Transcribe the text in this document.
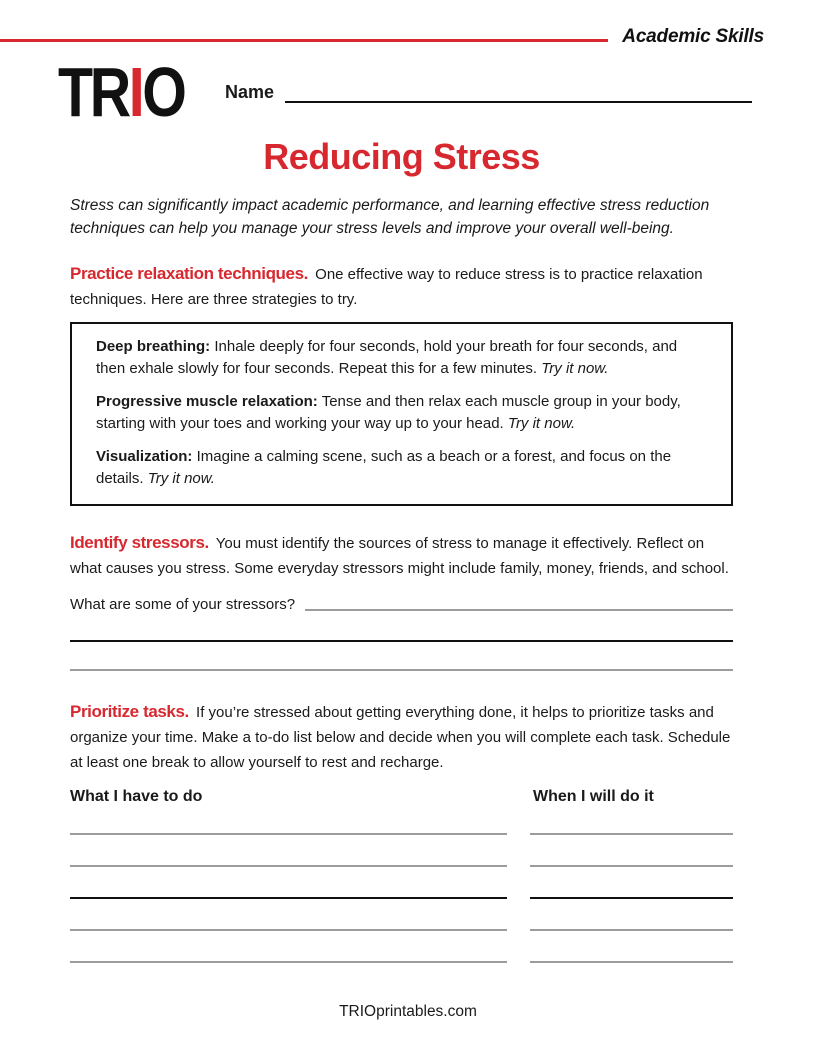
Academic Skills
TRIO Name
Reducing Stress

Stress can significantly impact academic performance, and learning effective stress reduction techniques can help you manage your stress levels and improve your overall well-being.

Practice relaxation techniques. One effective way to reduce stress is to practice relaxation techniques. Here are three strategies to try.

Deep breathing: Inhale deeply for four seconds, hold your breath for four seconds, and then exhale slowly for four seconds. Repeat this for a few minutes. Try it now.

Progressive muscle relaxation: Tense and then relax each muscle group in your body, starting with your toes and working your way up to your head. Try it now.

Visualization: Imagine a calming scene, such as a beach or a forest, and focus on the details. Try it now.

Identify stressors. You must identify the sources of stress to manage it effectively. Reflect on what causes you stress. Some everyday stressors might include family, money, friends, and school.

What are some of your stressors?

Prioritize tasks. If you’re stressed about getting everything done, it helps to prioritize tasks and organize your time. Make a to-do list below and decide when you will complete each task. Schedule at least one break to allow yourself to rest and recharge.

What I have to do	When I will do it
TRIOprintables.com
